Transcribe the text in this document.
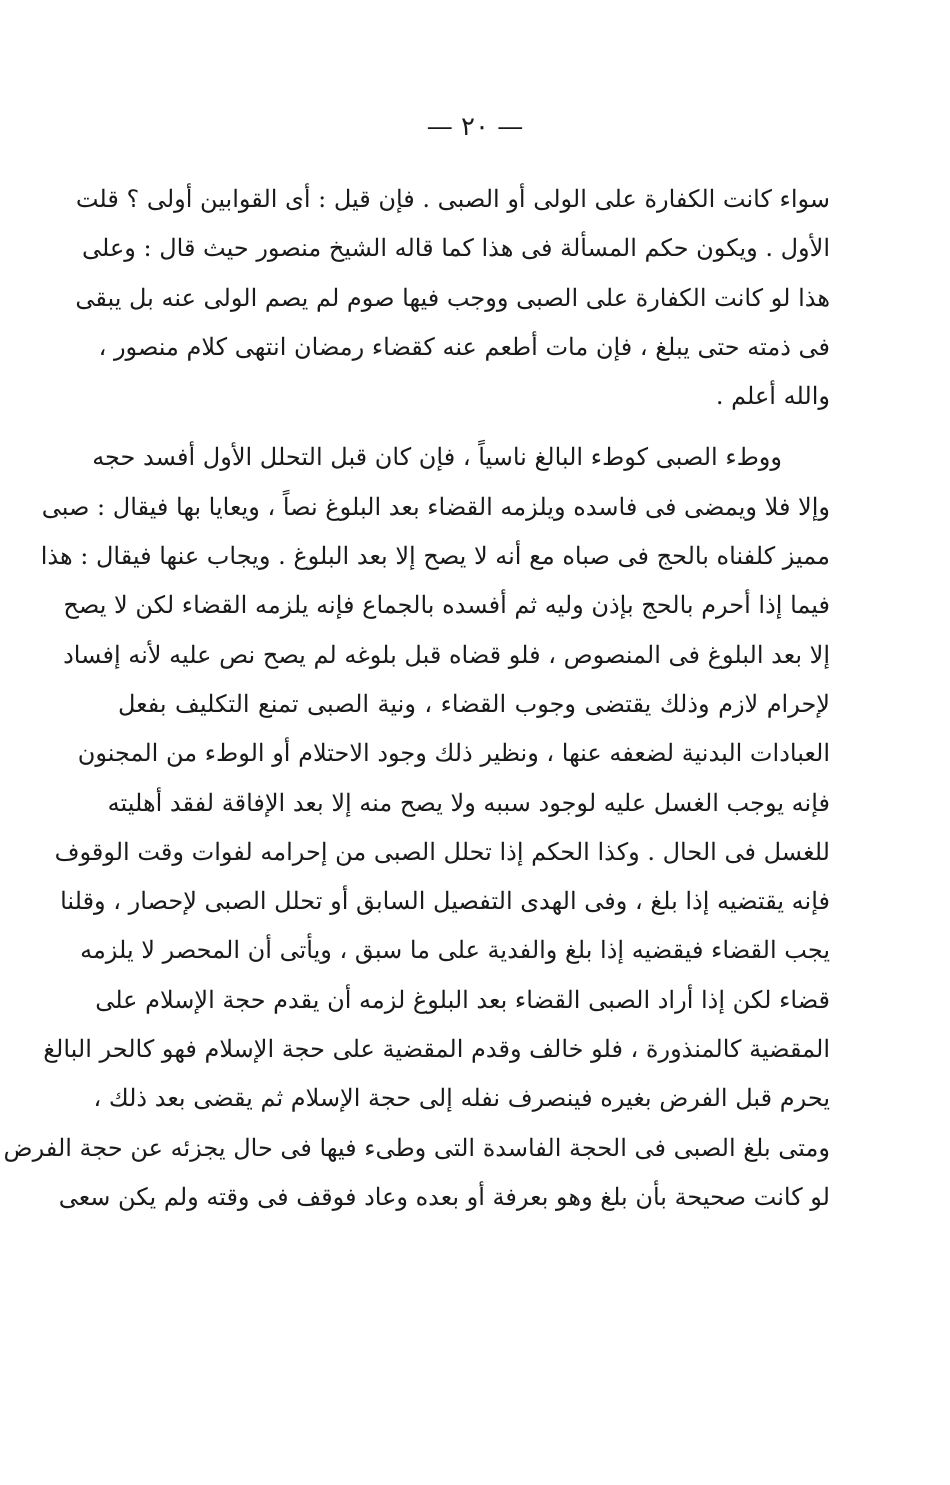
— ٢٠ —
سواء كانت الكفارة على الولى أو الصبى . فإن قيل : أى القوابين أولى ؟ قلت
الأول . ويكون حكم المسألة فى هذا كما قاله الشيخ منصور حيث قال : وعلى
هذا لو كانت الكفارة على الصبى ووجب فيها صوم لم يصم الولى عنه بل يبقى
فى ذمته حتى يبلغ ، فإن مات أطعم عنه كقضاء رمضان انتهى كلام منصور ،
والله أعلم .
ووطء الصبى كوطء البالغ ناسياً ، فإن كان قبل التحلل الأول أفسد حجه
وإلا فلا ويمضى فى فاسده ويلزمه القضاء بعد البلوغ نصاً ، ويعايا بها فيقال : صبى
مميز كلفناه بالحج فى صباه مع أنه لا يصح إلا بعد البلوغ . ويجاب عنها فيقال : هذا
فيما إذا أحرم بالحج بإذن وليه ثم أفسده بالجماع فإنه يلزمه القضاء لكن لا يصح
إلا بعد البلوغ فى المنصوص ، فلو قضاه قبل بلوغه لم يصح نص عليه لأنه إفساد
لإحرام لازم وذلك يقتضى وجوب القضاء ، ونية الصبى تمنع التكليف بفعل
العبادات البدنية لضعفه عنها ، ونظير ذلك وجود الاحتلام أو الوطء من المجنون
فإنه يوجب الغسل عليه لوجود سببه ولا يصح منه إلا بعد الإفاقة لفقد أهليته
للغسل فى الحال . وكذا الحكم إذا تحلل الصبى من إحرامه لفوات وقت الوقوف
فإنه يقتضيه إذا بلغ ، وفى الهدى التفصيل السابق أو تحلل الصبى لإحصار ، وقلنا
يجب القضاء فيقضيه إذا بلغ والفدية على ما سبق ، ويأتى أن المحصر لا يلزمه
قضاء لكن إذا أراد الصبى القضاء بعد البلوغ لزمه أن يقدم حجة الإسلام على
المقضية كالمنذورة ، فلو خالف وقدم المقضية على حجة الإسلام فهو كالحر البالغ
يحرم قبل الفرض بغيره فينصرف نفله إلى حجة الإسلام ثم يقضى بعد ذلك ،
ومتى بلغ الصبى فى الحجة الفاسدة التى وطىء فيها فى حال يجزئه عن حجة الفرض
لو كانت صحيحة بأن بلغ وهو بعرفة أو بعده وعاد فوقف فى وقته ولم يكن سعى
